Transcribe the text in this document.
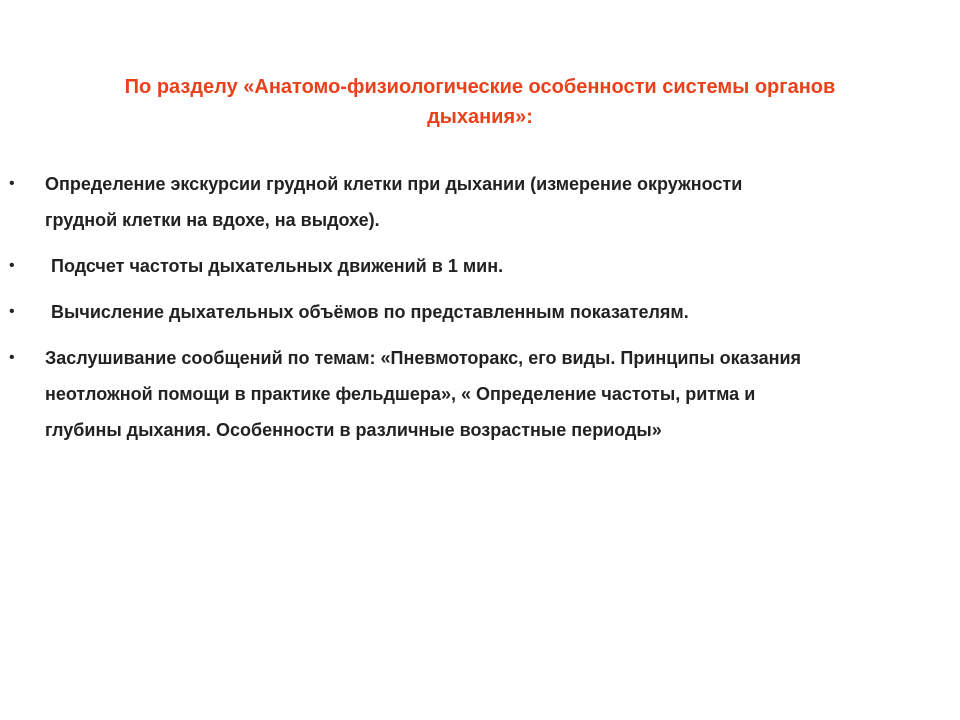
По разделу «Анатомо-физиологические особенности системы органов
дыхания»:
• Определение экскурсии грудной клетки при дыхании (измерение окружности
грудной клетки на вдохе, на выдохе).
•	Подсчет частоты дыхательных движений в 1 мин.
•	Вычисление дыхательных объёмов по представленным показателям.
• Заслушивание сообщений по темам: «Пневмоторакс, его виды. Принципы оказания
неотложной помощи в практике фельдшера», « Определение частоты, ритма и
глубины дыхания. Особенности в различные возрастные периоды»
